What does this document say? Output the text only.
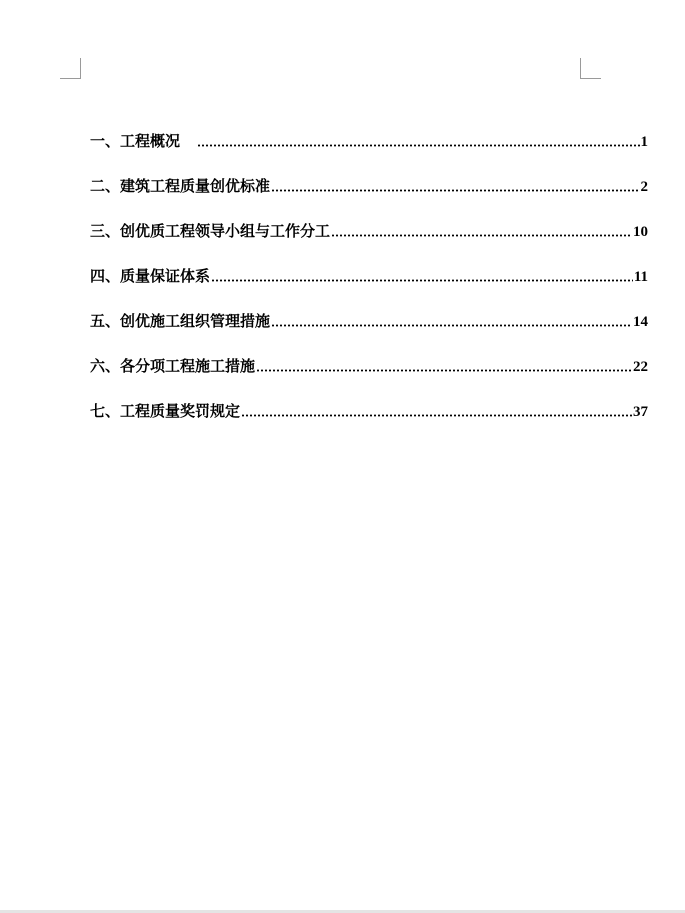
一、工程概况	1
二、建筑工程质量创优标准	2
三、创优质工程领导小组与工作分工	10
四、质量保证体系	11
五、创优施工组织管理措施	14
六、各分项工程施工措施	22
七、工程质量奖罚规定	37
